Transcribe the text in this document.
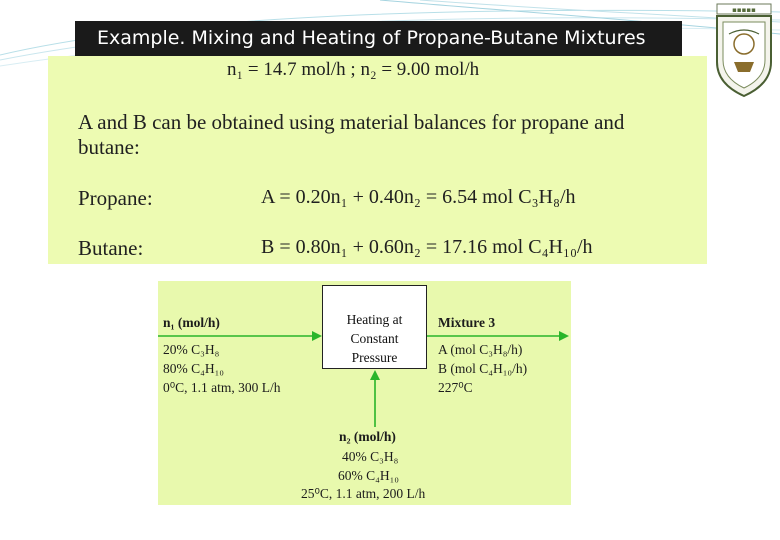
Example. Mixing and Heating of Propane-Butane Mixtures
▪▪▪▪▪
n₁ = 14.7 mol/h ; n₂ = 9.00 mol/h
A and B can be obtained using material balances for propane and
butane:
Propane:	A = 0.20n₁ + 0.40n₂ = 6.54 mol C₃H₈/h
Butane:	B = 0.80n₁ + 0.60n₂ = 17.16 mol C₄H₁₀/h
Heating at
Constant
Pressure
n₁ (mol/h)
20% C₃H₈
80% C₄H₁₀
0⁰C, 1.1 atm, 300 L/h
Mixture 3
A (mol C₃H₈/h)
B (mol C₄H₁₀/h)
227⁰C
n₂ (mol/h)
40% C₃H₈
60% C₄H₁₀
25⁰C, 1.1 atm, 200 L/h
